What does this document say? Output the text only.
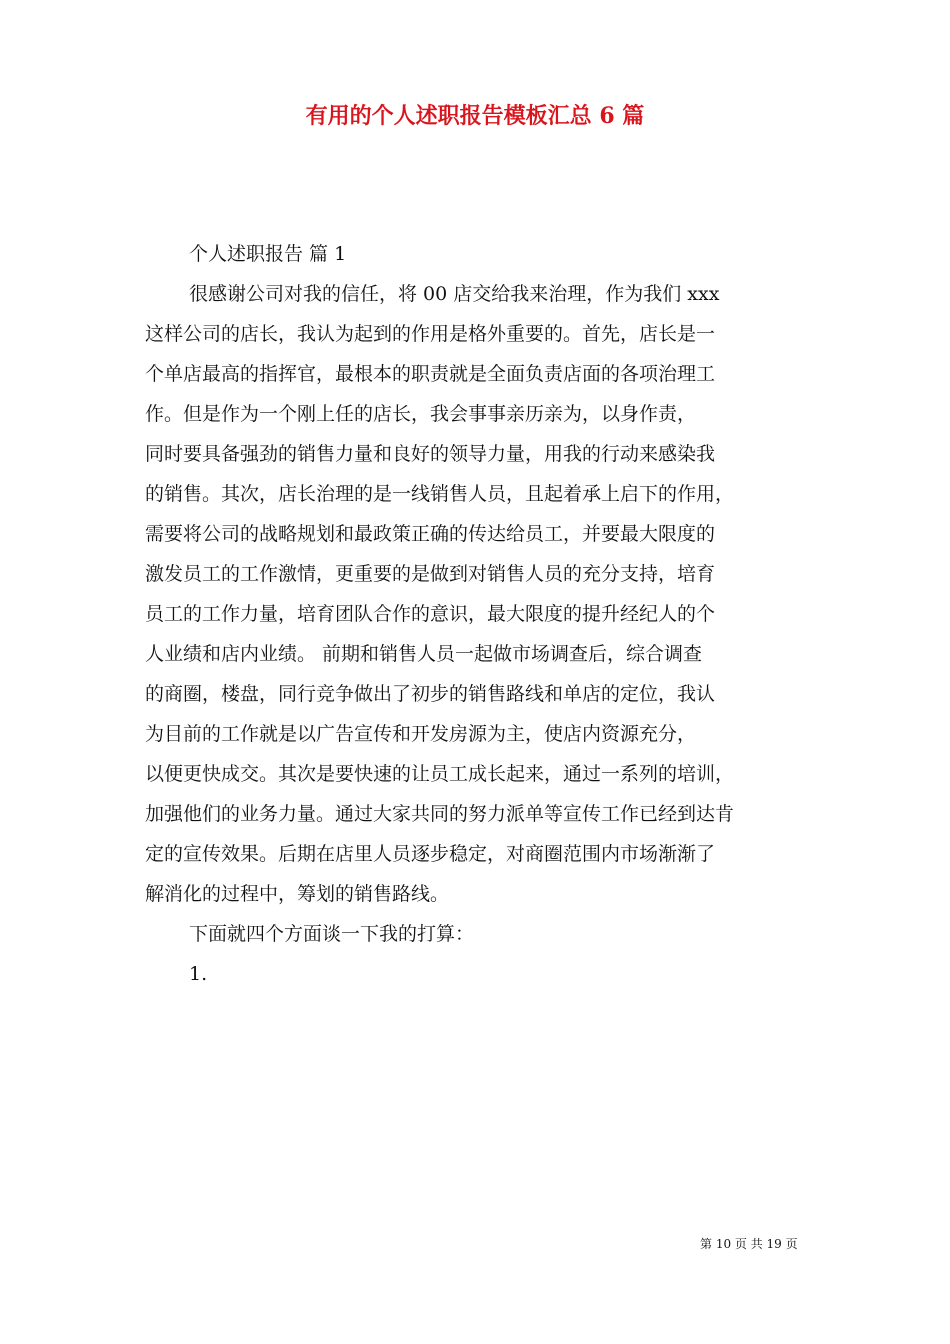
有用的个人述职报告模板汇总 6 篇
个人述职报告 篇 1
很感谢公司对我的信任，将 00 店交给我来治理，作为我们 xxx
这样公司的店长，我认为起到的作用是格外重要的。首先，店长是一
个单店最高的指挥官，最根本的职责就是全面负责店面的各项治理工
作。但是作为一个刚上任的店长，我会事事亲历亲为，以身作责，
同时要具备强劲的销售力量和良好的领导力量，用我的行动来感染我
的销售。其次，店长治理的是一线销售人员，且起着承上启下的作用，
需要将公司的战略规划和最政策正确的传达给员工，并要最大限度的
激发员工的工作激情，更重要的是做到对销售人员的充分支持，培育
员工的工作力量，培育团队合作的意识，最大限度的提升经纪人的个
人业绩和店内业绩。 前期和销售人员一起做市场调查后，综合调查
的商圈，楼盘，同行竞争做出了初步的销售路线和单店的定位，我认
为目前的工作就是以广告宣传和开发房源为主，使店内资源充分，
以便更快成交。其次是要快速的让员工成长起来，通过一系列的培训，
加强他们的业务力量。通过大家共同的努力派单等宣传工作已经到达肯
定的宣传效果。后期在店里人员逐步稳定，对商圈范围内市场渐渐了
解消化的过程中，筹划的销售路线。
下面就四个方面谈一下我的打算：
1.
第 10 页 共 19 页
